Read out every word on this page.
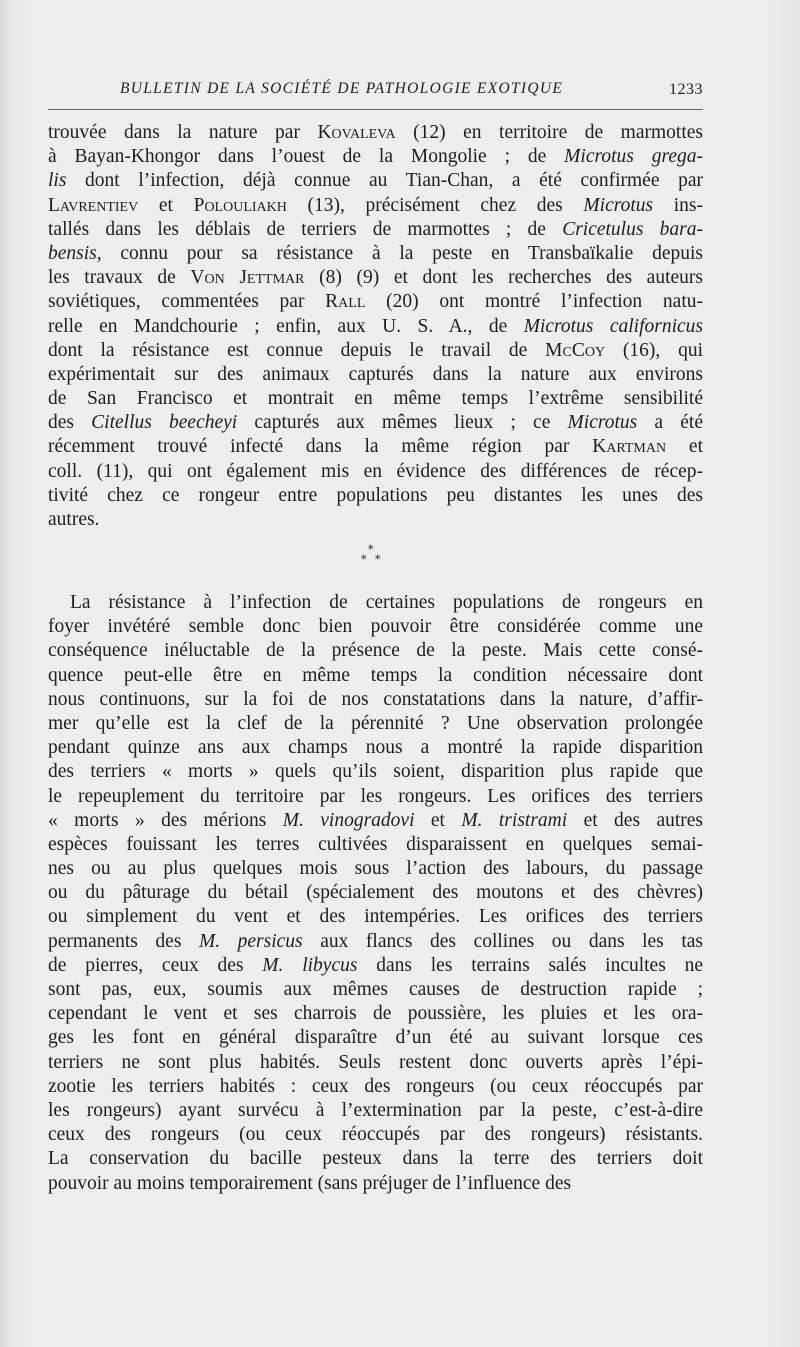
BULLETIN DE LA SOCIÉTÉ DE PATHOLOGIE EXOTIQUE	1233
trouvée dans la nature par Kovaleva (12) en territoire de marmottes
à Bayan-Khongor dans l’ouest de la Mongolie ; de Microtus grega-
lis dont l’infection, déjà connue au Tian-Chan, a été confirmée par
Lavrentiev et Polouliakh (13), précisément chez des Microtus ins-
tallés dans les déblais de terriers de marmottes ; de Cricetulus bara-
bensis, connu pour sa résistance à la peste en Transbaïkalie depuis
les travaux de Von Jettmar (8) (9) et dont les recherches des auteurs
soviétiques, commentées par Rall (20) ont montré l’infection natu-
relle en Mandchourie ; enfin, aux U. S. A., de Microtus californicus
dont la résistance est connue depuis le travail de McCoy (16), qui
expérimentait sur des animaux capturés dans la nature aux environs
de San Francisco et montrait en même temps l’extrême sensibilité
des Citellus beecheyi capturés aux mêmes lieux ; ce Microtus a été
récemment trouvé infecté dans la même région par Kartman et
coll. (11), qui ont également mis en évidence des différences de récep-
tivité chez ce rongeur entre populations peu distantes les unes des
autres.
*
* *
La résistance à l’infection de certaines populations de rongeurs en
foyer invétéré semble donc bien pouvoir être considérée comme une
conséquence inéluctable de la présence de la peste. Mais cette consé-
quence peut-elle être en même temps la condition nécessaire dont
nous continuons, sur la foi de nos constatations dans la nature, d’affir-
mer qu’elle est la clef de la pérennité ? Une observation prolongée
pendant quinze ans aux champs nous a montré la rapide disparition
des terriers « morts » quels qu’ils soient, disparition plus rapide que
le repeuplement du territoire par les rongeurs. Les orifices des terriers
« morts » des mérions M. vinogradovi et M. tristrami et des autres
espèces fouissant les terres cultivées disparaissent en quelques semai-
nes ou au plus quelques mois sous l’action des labours, du passage
ou du pâturage du bétail (spécialement des moutons et des chèvres)
ou simplement du vent et des intempéries. Les orifices des terriers
permanents des M. persicus aux flancs des collines ou dans les tas
de pierres, ceux des M. libycus dans les terrains salés incultes ne
sont pas, eux, soumis aux mêmes causes de destruction rapide ;
cependant le vent et ses charrois de poussière, les pluies et les ora-
ges les font en général disparaître d’un été au suivant lorsque ces
terriers ne sont plus habités. Seuls restent donc ouverts après l’épi-
zootie les terriers habités : ceux des rongeurs (ou ceux réoccupés par
les rongeurs) ayant survécu à l’extermination par la peste, c’est-à-dire
ceux des rongeurs (ou ceux réoccupés par des rongeurs) résistants.
La conservation du bacille pesteux dans la terre des terriers doit
pouvoir au moins temporairement (sans préjuger de l’influence des
